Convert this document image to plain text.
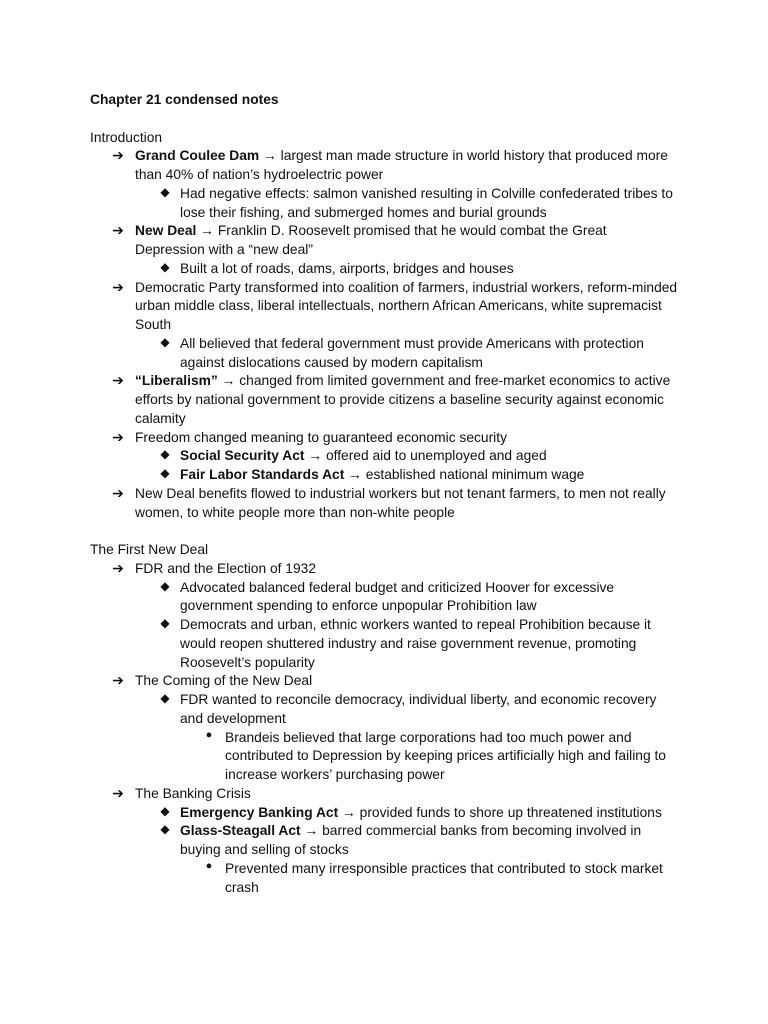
Chapter 21 condensed notes
Introduction
➔ Grand Coulee Dam → largest man made structure in world history that produced more
than 40% of nation’s hydroelectric power
◆ Had negative effects: salmon vanished resulting in Colville confederated tribes to
lose their fishing, and submerged homes and burial grounds
➔ New Deal → Franklin D. Roosevelt promised that he would combat the Great
Depression with a “new deal”
◆ Built a lot of roads, dams, airports, bridges and houses
➔ Democratic Party transformed into coalition of farmers, industrial workers, reform-minded
urban middle class, liberal intellectuals, northern African Americans, white supremacist
South
◆ All believed that federal government must provide Americans with protection
against dislocations caused by modern capitalism
➔ “Liberalism” → changed from limited government and free-market economics to active
efforts by national government to provide citizens a baseline security against economic
calamity
➔ Freedom changed meaning to guaranteed economic security
◆ Social Security Act → offered aid to unemployed and aged
◆ Fair Labor Standards Act → established national minimum wage
➔ New Deal benefits flowed to industrial workers but not tenant farmers, to men not really
women, to white people more than non-white people
The First New Deal
➔ FDR and the Election of 1932
◆ Advocated balanced federal budget and criticized Hoover for excessive
government spending to enforce unpopular Prohibition law
◆ Democrats and urban, ethnic workers wanted to repeal Prohibition because it
would reopen shuttered industry and raise government revenue, promoting
Roosevelt’s popularity
➔ The Coming of the New Deal
◆ FDR wanted to reconcile democracy, individual liberty, and economic recovery
and development
● Brandeis believed that large corporations had too much power and
contributed to Depression by keeping prices artificially high and failing to
increase workers’ purchasing power
➔ The Banking Crisis
◆ Emergency Banking Act → provided funds to shore up threatened institutions
◆ Glass-Steagall Act → barred commercial banks from becoming involved in
buying and selling of stocks
● Prevented many irresponsible practices that contributed to stock market
crash
